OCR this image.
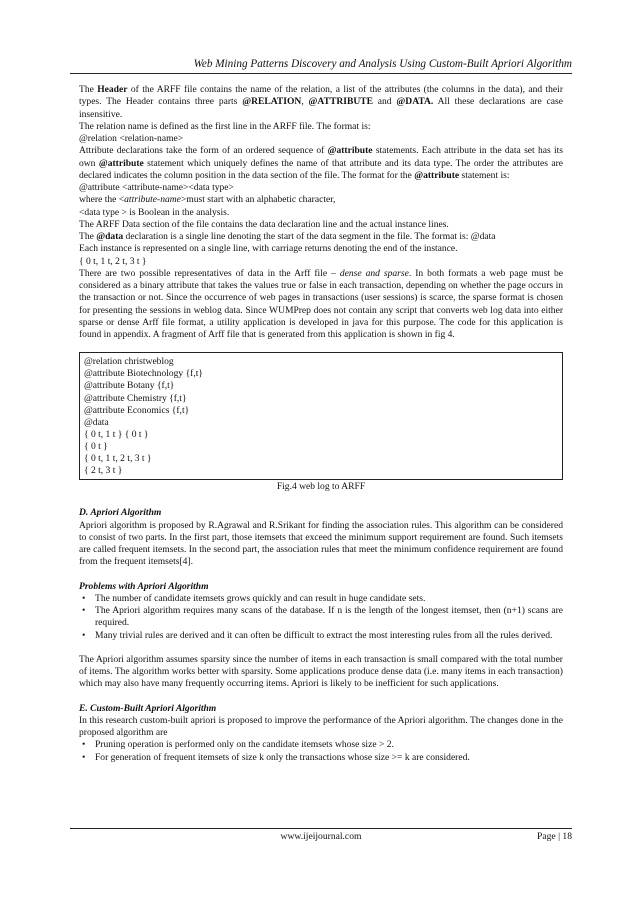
Web Mining Patterns Discovery and Analysis Using Custom-Built Apriori Algorithm

The Header of the ARFF file contains the name of the relation, a list of the attributes (the columns in the data), and their types. The Header contains three parts @RELATION, @ATTRIBUTE and @DATA. All these declarations are case insensitive.

The relation name is defined as the first line in the ARFF file. The format is:

@relation <relation-name>

Attribute declarations take the form of an ordered sequence of @attribute statements. Each attribute in the data set has its own @attribute statement which uniquely defines the name of that attribute and its data type. The order the attributes are declared indicates the column position in the data section of the file. The format for the @attribute statement is:

@attribute <attribute-name><data type>

where the <attribute-name>must start with an alphabetic character,

<data type > is Boolean in the analysis.

The ARFF Data section of the file contains the data declaration line and the actual instance lines.

The @data declaration is a single line denoting the start of the data segment in the file. The format is: @data

Each instance is represented on a single line, with carriage returns denoting the end of the instance.

{ 0 t, 1 t, 2 t, 3 t }

There are two possible representatives of data in the Arff file – dense and sparse. In both formats a web page must be considered as a binary attribute that takes the values true or false in each transaction, depending on whether the page occurs in the transaction or not. Since the occurrence of web pages in transactions (user sessions) is scarce, the sparse format is chosen for presenting the sessions in weblog data. Since WUMPrep does not contain any script that converts web log data into either sparse or dense Arff file format, a utility application is developed in java for this purpose. The code for this application is found in appendix. A fragment of Arff file that is generated from this application is shown in fig 4.

@relation christweblog
@attribute Biotechnology {f,t}
@attribute Botany {f,t}
@attribute Chemistry {f,t}
@attribute Economics {f,t}
@data
{ 0 t, 1 t } { 0 t }
{ 0 t }
{ 0 t, 1 t, 2 t, 3 t }
{ 2 t, 3 t }
Fig.4 web log to ARFF

D. Apriori Algorithm

Apriori algorithm is proposed by R.Agrawal and R.Srikant for finding the association rules. This algorithm can be considered to consist of two parts. In the first part, those itemsets that exceed the minimum support requirement are found. Such itemsets are called frequent itemsets. In the second part, the association rules that meet the minimum confidence requirement are found from the frequent itemsets[4].

Problems with Apriori Algorithm

• The number of candidate itemsets grows quickly and can result in huge candidate sets.
• The Apriori algorithm requires many scans of the database. If n is the length of the longest itemset, then (n+1) scans are required.
• Many trivial rules are derived and it can often be difficult to extract the most interesting rules from all the rules derived.

The Apriori algorithm assumes sparsity since the number of items in each transaction is small compared with the total number of items. The algorithm works better with sparsity. Some applications produce dense data (i.e. many items in each transaction) which may also have many frequently occurring items. Apriori is likely to be inefficient for such applications.

E. Custom-Built Apriori Algorithm

In this research custom-built apriori is proposed to improve the performance of the Apriori algorithm. The changes done in the proposed algorithm are

• Pruning operation is performed only on the candidate itemsets whose size > 2.
• For generation of frequent itemsets of size k only the transactions whose size >= k are considered.
www.ijeijournal.com	Page | 18
